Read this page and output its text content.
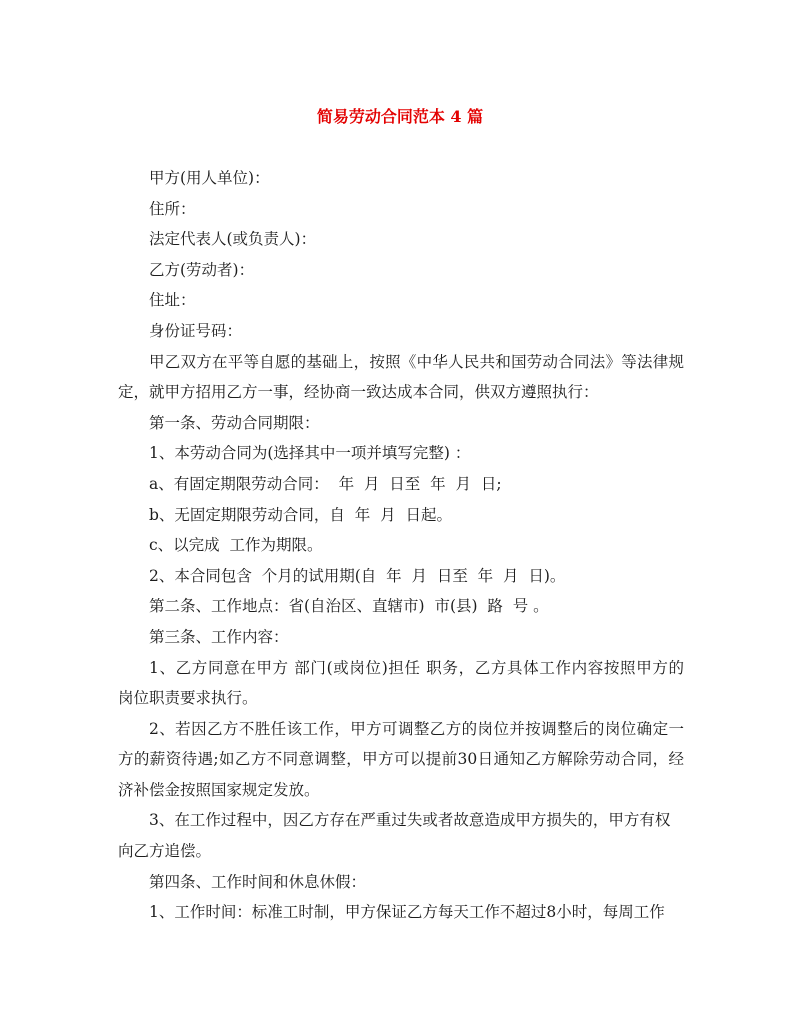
简易劳动合同范本 4 篇
甲方(用人单位)：
住所：
法定代表人(或负责人)：
乙方(劳动者)：
住址：
身份证号码：
甲乙双方在平等自愿的基础上，按照《中华人民共和国劳动合同法》等法律规
定，就甲方招用乙方一事，经协商一致达成本合同，供双方遵照执行：
第一条、劳动合同期限：
1、本劳动合同为(选择其中一项并填写完整) ：
a、有固定期限劳动合同：  年  月  日至  年  月  日;
b、无固定期限劳动合同，自  年  月  日起。
c、以完成  工作为期限。
2、本合同包含  个月的试用期(自  年  月  日至  年  月  日)。
第二条、工作地点：省(自治区、直辖市)  市(县)  路  号 。
第三条、工作内容：
1、乙方同意在甲方 部门(或岗位)担任 职务，乙方具体工作内容按照甲方的
岗位职责要求执行。
2、若因乙方不胜任该工作，甲方可调整乙方的岗位并按调整后的岗位确定一
方的薪资待遇;如乙方不同意调整，甲方可以提前30日通知乙方解除劳动合同，经
济补偿金按照国家规定发放。
3、在工作过程中，因乙方存在严重过失或者故意造成甲方损失的，甲方有权
向乙方追偿。
第四条、工作时间和休息休假：
1、工作时间：标准工时制，甲方保证乙方每天工作不超过8小时，每周工作
